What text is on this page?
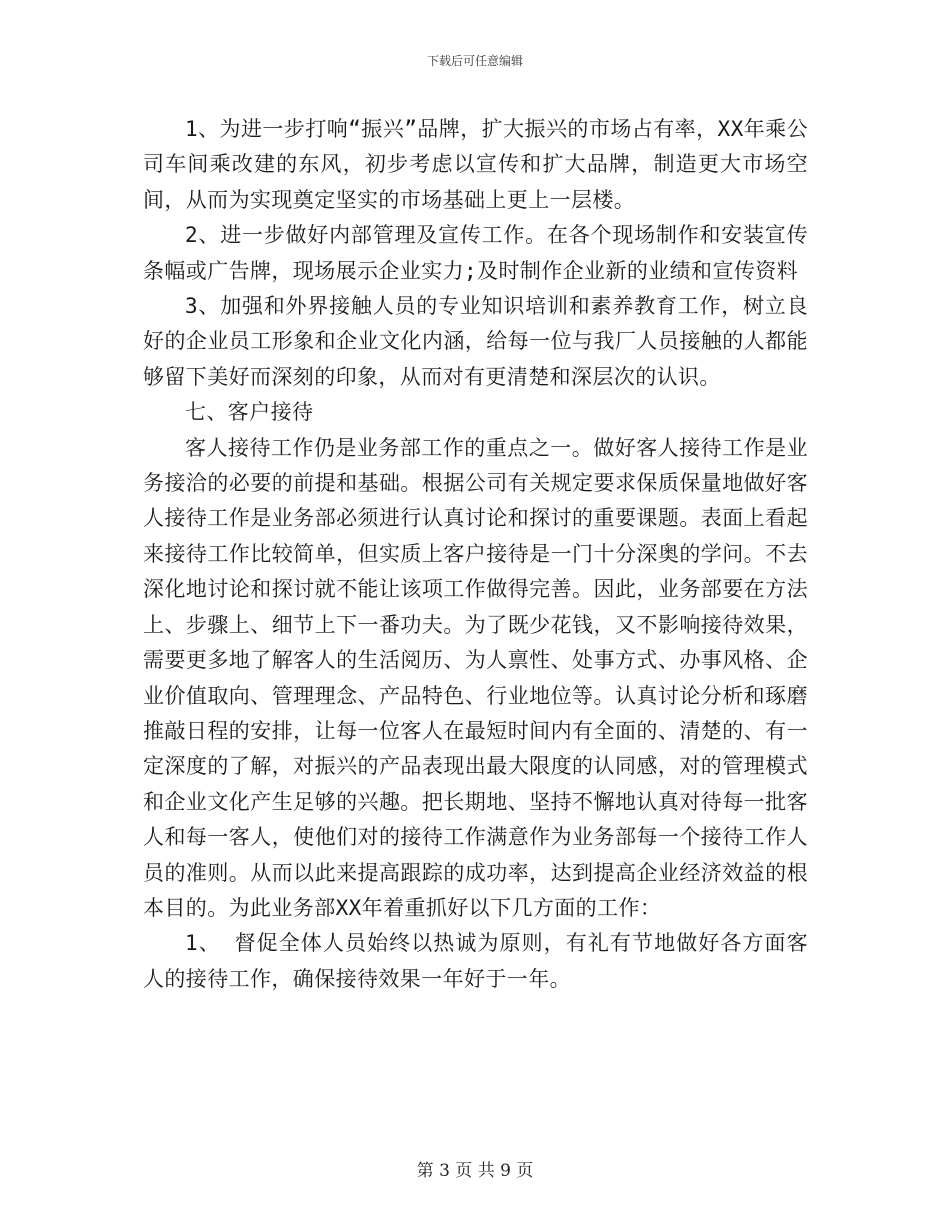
下载后可任意编辑

1、为进一步打响“振兴”品牌，扩大振兴的市场占有率，XX年乘公司车间乘改建的东风，初步考虑以宣传和扩大品牌，制造更大市场空间，从而为实现奠定坚实的市场基础上更上一层楼。

2、进一步做好内部管理及宣传工作。在各个现场制作和安装宣传条幅或广告牌，现场展示企业实力;及时制作企业新的业绩和宣传资料

3、加强和外界接触人员的专业知识培训和素养教育工作，树立良好的企业员工形象和企业文化内涵，给每一位与我厂人员接触的人都能够留下美好而深刻的印象，从而对有更清楚和深层次的认识。

七、客户接待

客人接待工作仍是业务部工作的重点之一。做好客人接待工作是业务接洽的必要的前提和基础。根据公司有关规定要求保质保量地做好客人接待工作是业务部必须进行认真讨论和探讨的重要课题。表面上看起来接待工作比较简单，但实质上客户接待是一门十分深奥的学问。不去深化地讨论和探讨就不能让该项工作做得完善。因此，业务部要在方法上、步骤上、细节上下一番功夫。为了既少花钱，又不影响接待效果，需要更多地了解客人的生活阅历、为人禀性、处事方式、办事风格、企业价值取向、管理理念、产品特色、行业地位等。认真讨论分析和琢磨推敲日程的安排，让每一位客人在最短时间内有全面的、清楚的、有一定深度的了解，对振兴的产品表现出最大限度的认同感，对的管理模式和企业文化产生足够的兴趣。把长期地、坚持不懈地认真对待每一批客人和每一客人，使他们对的接待工作满意作为业务部每一个接待工作人员的准则。从而以此来提高跟踪的成功率，达到提高企业经济效益的根本目的。为此业务部XX年着重抓好以下几方面的工作：

1、 督促全体人员始终以热诚为原则，有礼有节地做好各方面客人的接待工作，确保接待效果一年好于一年。

第 3 页 共 9 页
